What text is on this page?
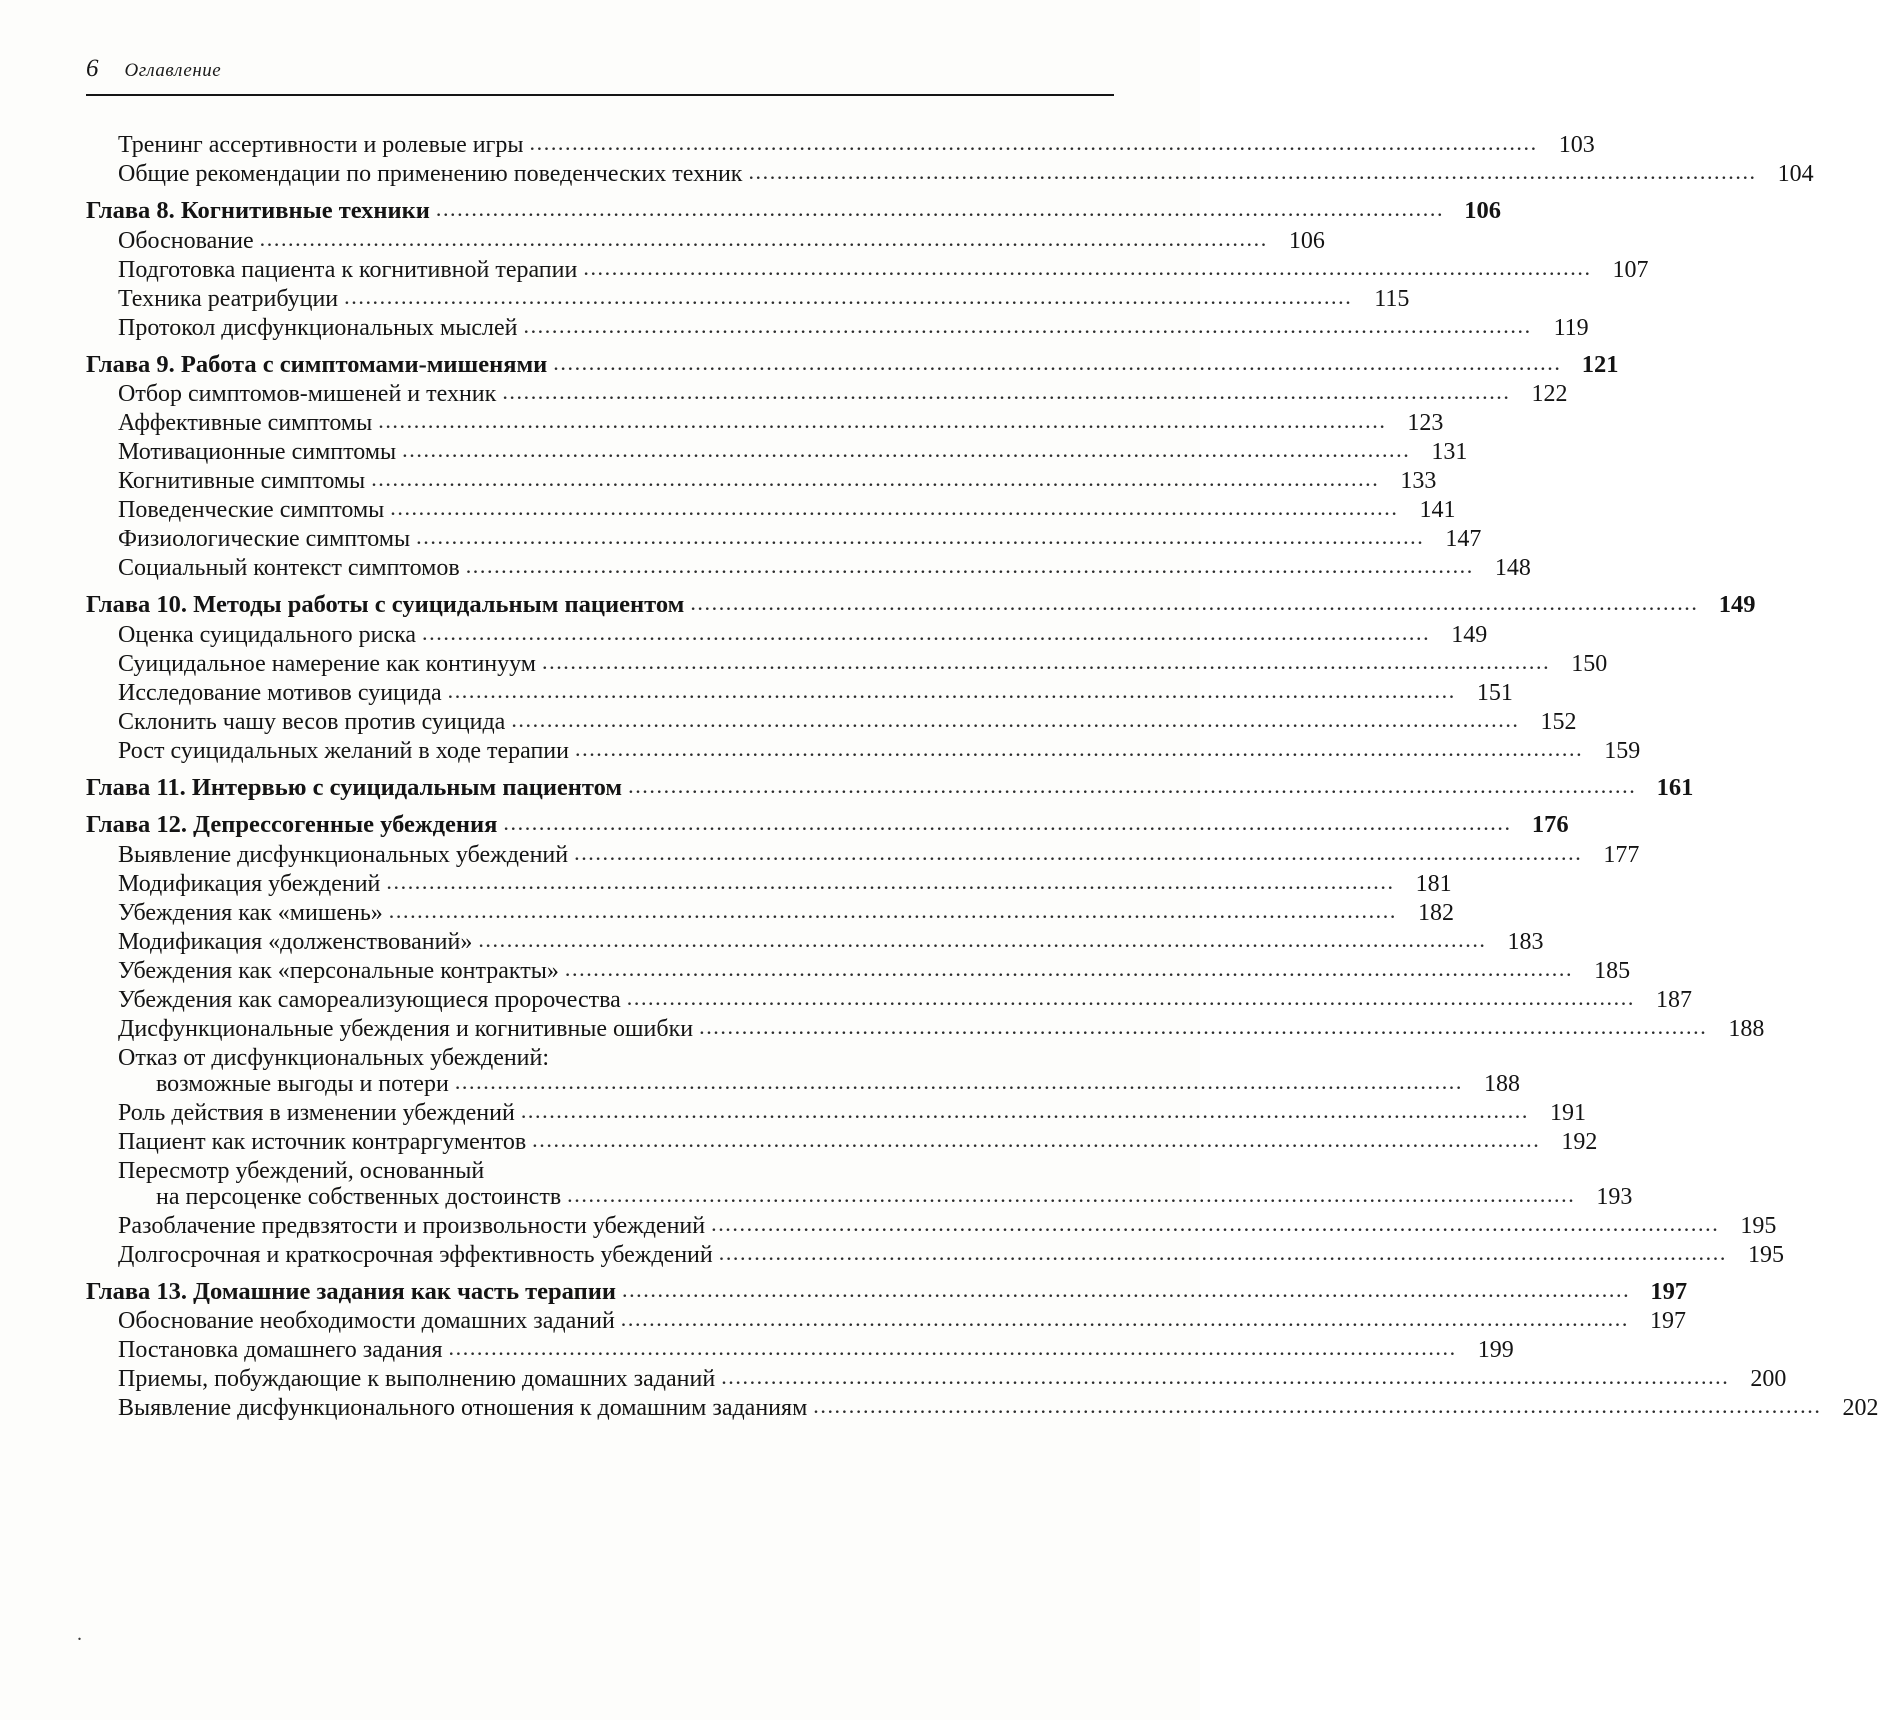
6 Оглавление
Тренинг ассертивности и ролевые игры .............................................................................................................................................. 103
Общие рекомендации по применению поведенческих техник .............................................................................................................................................. 104
Глава 8. Когнитивные техники .............................................................................................................................................. 106
Обоснование .............................................................................................................................................. 106
Подготовка пациента к когнитивной терапии .............................................................................................................................................. 107
Техника реатрибуции .............................................................................................................................................. 115
Протокол дисфункциональных мыслей .............................................................................................................................................. 119
Глава 9. Работа с симптомами-мишенями .............................................................................................................................................. 121
Отбор симптомов-мишеней и техник .............................................................................................................................................. 122
Аффективные симптомы .............................................................................................................................................. 123
Мотивационные симптомы .............................................................................................................................................. 131
Когнитивные симптомы .............................................................................................................................................. 133
Поведенческие симптомы .............................................................................................................................................. 141
Физиологические симптомы .............................................................................................................................................. 147
Социальный контекст симптомов .............................................................................................................................................. 148
Глава 10. Методы работы с суицидальным пациентом .............................................................................................................................................. 149
Оценка суицидального риска .............................................................................................................................................. 149
Суицидальное намерение как континуум .............................................................................................................................................. 150
Исследование мотивов суицида .............................................................................................................................................. 151
Склонить чашу весов против суицида .............................................................................................................................................. 152
Рост суицидальных желаний в ходе терапии .............................................................................................................................................. 159
Глава 11. Интервью с суицидальным пациентом .............................................................................................................................................. 161
Глава 12. Депрессогенные убеждения .............................................................................................................................................. 176
Выявление дисфункциональных убеждений .............................................................................................................................................. 177
Модификация убеждений .............................................................................................................................................. 181
Убеждения как «мишень» .............................................................................................................................................. 182
Модификация «долженствований» .............................................................................................................................................. 183
Убеждения как «персональные контракты» .............................................................................................................................................. 185
Убеждения как самореализующиеся пророчества .............................................................................................................................................. 187
Дисфункциональные убеждения и когнитивные ошибки .............................................................................................................................................. 188
Отказ от дисфункциональных убеждений:
возможные выгоды и потери .............................................................................................................................................. 188
Роль действия в изменении убеждений .............................................................................................................................................. 191
Пациент как источник контраргументов .............................................................................................................................................. 192
Пересмотр убеждений, основанный
на персоценке собственных достоинств .............................................................................................................................................. 193
Разоблачение предвзятости и произвольности убеждений .............................................................................................................................................. 195
Долгосрочная и краткосрочная эффективность убеждений .............................................................................................................................................. 195
Глава 13. Домашние задания как часть терапии .............................................................................................................................................. 197
Обоснование необходимости домашних заданий .............................................................................................................................................. 197
Постановка домашнего задания .............................................................................................................................................. 199
Приемы, побуждающие к выполнению домашних заданий .............................................................................................................................................. 200
Выявление дисфункционального отношения к домашним заданиям .............................................................................................................................................. 202
.
